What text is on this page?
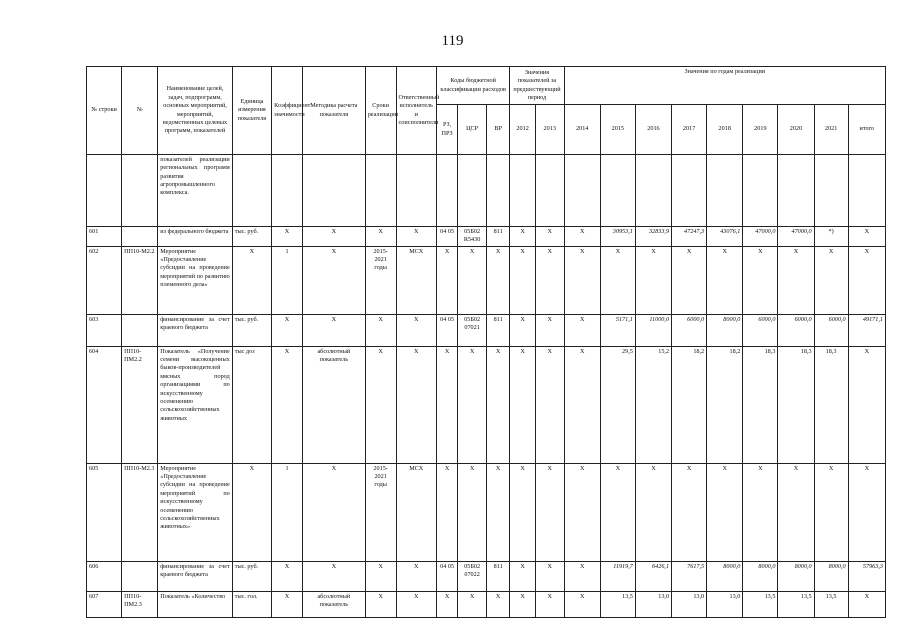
119
№ строки	№	Наименование целей, задач, подпрограмм, основных мероприятий, мероприятий, ведомственных целевых программ, показателей	Единица измерения показателя	Коэффициент значимости	Методика расчета показателя	Сроки реализации	Ответственный исполнитель и соисполнители	Коды бюджетной классификации расходов			Значения показателей за предшествующий период		Значения по годам реализации								
								РЗ, ПРЗ	ЦСР	ВР	2012	2013	2014	2015	2016	2017	2018	2019	2020	2021	итого
		показателей реализации региональных программ развития агропромышленного комплекса.																			
601		из федерального бюджета	тыс. руб.	X	X	X	X	04 05	05Б02 R5430	811	X	X	X	30953,1	32833,9	47247,3	43076,1	47000,0	47000,0	*)	X
602	ПП10-М2.2	Мероприятие «Предоставление субсидии на проведение мероприятий по развитию племенного дела»	X	1	X	2015-2021 годы	МСХ	X	X	X	X	X	X	X	X	X	X	X	X	X	X
603		финансирование за счет краевого бюджета	тыс. руб.	X	X	X	X	04 05	05Б02 07021	811	X	X	X	5171,1	11000,0	6000,0	8000,0	6000,0	6000,0	6000,0	49171,1
604	ПП10-ПМ2.2	Показатель «Получение семени высокоценных быков-производителей мясных пород организациями по искусственному осеменению сельскохозяйственных животных	тыс доз	X	абсолютный показатель	X	X	X	X	X	X	X	X	29,5	15,2	18,2	18,2	18,3	18,3	18,3	X
605	ПП10-М2.3	Мероприятие «Предоставление субсидии на проведение мероприятий по искусственному осеменению сельскохозяйственных животных»	X	1	X	2015-2021 годы	МСХ	X	X	X	X	X	X	X	X	X	X	X	X	X	X
606		финансирование за счет краевого бюджета	тыс. руб.	X	X	X	X	04 05	05Б02 07022	811	X	X	X	11919,7	6426,1	7617,5	8000,0	8000,0	8000,0	8000,0	57963,3
607	ПП10-ПМ2.3	Показатель «Количество	тыс. гол.	X	абсолютный показатель	X	X	X	X	X	X	X	X	13,5	13,0	13,0	13,0	13,5	13,5	13,5	X
